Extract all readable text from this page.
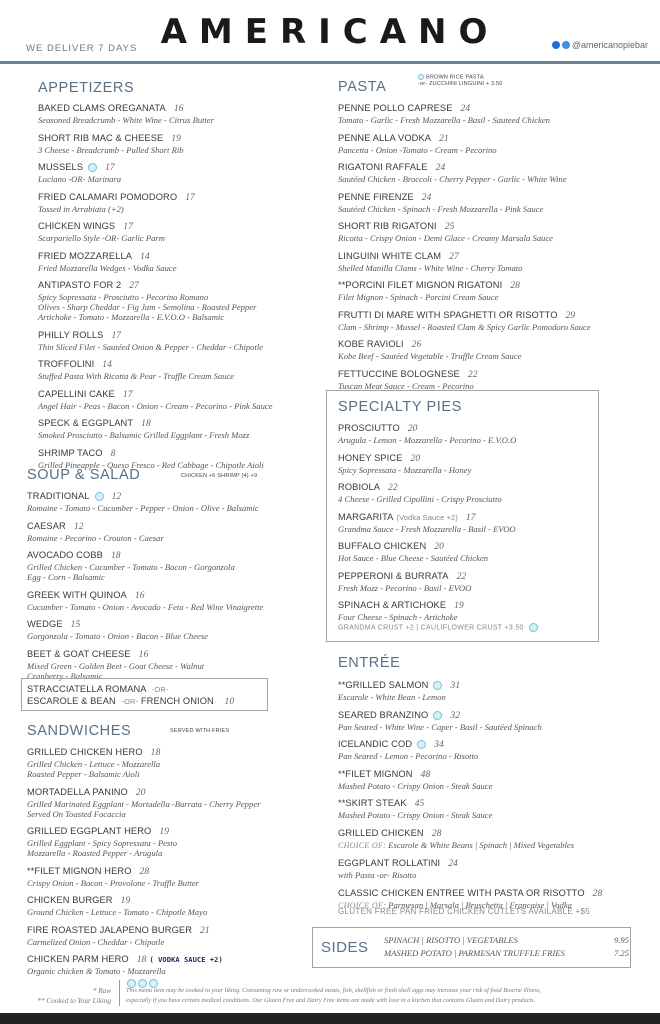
WE DELIVER 7 DAYS AMERICANO	@americanopiebar
APPETIZERS
BAKED CLAMS OREGANATA 16
Seasoned Breadcrumb - White Wine - Citrus Butter
SHORT RIB MAC & CHEESE 19
3 Cheese - Breadcrumb - Pulled Short Rib
MUSSELS 17
Luciano -OR- Marinara
FRIED CALAMARI POMODORO 17
Tossed in Arrabiata (+2)
CHICKEN WINGS 17
Scarpariello Style -OR- Garlic Parm
FRIED MOZZARELLA 14
Fried Mozzarella Wedges - Vodka Sauce
ANTIPASTO FOR 2 27
Spicy Sopressata - Prosciutto - Pecorino Romano
Olives - Sharp Cheddar - Fig Jam - Semolina - Roasted Pepper
Artichoke - Tomato - Mozzarella - E.V.O.O - Balsamic
PHILLY ROLLS 17
Thin Sliced Filet - Sautéed Onion & Pepper - Cheddar - Chipotle
TROFFOLINI 14
Stuffed Pasta With Ricotta & Pear - Truffle Cream Sauce
CAPELLINI CAKE 17
Angel Hair - Peas - Bacon - Onion - Cream - Pecorino - Pink Sauce
SPECK & EGGPLANT 18
Smoked Prosciutto - Balsamic Grilled Eggplant - Fresh Mozz
SHRIMP TACO 8
Grilled Pineapple - Queso Fresco - Red Cabbage - Chipotle Aioli
SOUP & SALAD	CHICKEN +6 SHRIMP (4) +9
TRADITIONAL 12
Romaine - Tomato - Cucumber - Pepper - Onion - Olive - Balsamic
CAESAR 12
Romaine - Pecorino - Crouton - Caesar
AVOCADO COBB 18
Grilled Chicken - Cucumber - Tomato - Bacon - Gorgonzola
Egg - Corn - Balsamic
GREEK WITH QUINOA 16
Cucumber - Tomato - Onion - Avocado - Feta - Red Wine Vinaigrette
WEDGE 15
Gorgonzola - Tomato - Onion - Bacon - Blue Cheese
BEET & GOAT CHEESE 16
Mixed Green - Golden Beet - Goat Cheese - Walnut
Cranberry - Balsamic
STRACCIATELLA ROMANA -OR-
ESCAROLE & BEAN -OR- FRENCH ONION 10
SANDWICHES	SERVED WITH FRIES
GRILLED CHICKEN HERO 18
Grilled Chicken - Lettuce - Mozzarella
Roasted Pepper - Balsamic Aioli
MORTADELLA PANINO 20
Grilled Marinated Eggplant - Mortadella -Burrata - Cherry Pepper
Served On Toasted Focaccia
GRILLED EGGPLANT HERO 19
Grilled Eggplant - Spicy Sopressata - Pesto
Mozzarella - Roasted Pepper - Arugula
**FILET MIGNON HERO 28
Crispy Onion - Bacon - Provolone - Truffle Butter
CHICKEN BURGER 19
Ground Chicken - Lettuce - Tomato - Chipotle Mayo
FIRE ROASTED JALAPENO BURGER 21
Carmelized Onion - Cheddar - Chipotle
CHICKEN PARM HERO 18 ( VODKA SAUCE +2)
Organic chicken & Tomato - Mozzarella
PASTA
BROWN RICE PASTA
-or- ZUCCHINI LINGUINI + 3.50
PENNE POLLO CAPRESE 24
Tomato - Garlic - Fresh Mozzarella - Basil - Sauteed Chicken
PENNE ALLA VODKA 21
Pancetta - Onion -Tomato - Cream - Pecorino
RIGATONI RAFFALE 24
Sautéed Chicken - Broccoli - Cherry Pepper - Garlic - White Wine
PENNE FIRENZE 24
Sautéed Chicken - Spinach - Fresh Mozzarella - Pink Sauce
SHORT RIB RIGATONI 25
Ricotta - Crispy Onion - Demi Glace - Creamy Marsala Sauce
LINGUINI WHITE CLAM 27
Shelled Manilla Clams - White Wine - Cherry Tomato
**PORCINI FILET MIGNON RIGATONI 28
Filet Mignon - Spinach - Porcini Cream Sauce
FRUTTI DI MARE WITH SPAGHETTI OR RISOTTO 29
Clam - Shrimp - Mussel - Roasted Clam & Spicy Garlic Pomodoro Sauce
KOBE RAVIOLI 26
Kobe Beef - Sautéed Vegetable - Truffle Cream Sauce
FETTUCCINE BOLOGNESE 22
Tuscan Meat Sauce - Cream - Pecorino
SPECIALTY PIES
PROSCIUTTO 20
Arugula - Lemon - Mozzarella - Pecorino - E.V.O.O
HONEY SPICE 20
Spicy Sopressata - Mozzarella - Honey
ROBIOLA 22
4 Cheese - Grilled Cipollini - Crispy Prosciutto
MARGARITA (Vodka Sauce +2) 17
Grandma Sauce - Fresh Mozzarella - Basil - EVOO
BUFFALO CHICKEN 20
Hot Sauce - Blue Cheese - Sautéed Chicken
PEPPERONI & BURRATA 22
Fresh Mozz - Pecorino - Basil - EVOO
SPINACH & ARTICHOKE 19
Four Cheese - Spinach - Artichoke
GRANDMA CRUST +2 | CAULIFLOWER CRUST +3.50
ENTRÉE
**GRILLED SALMON 31
Escarole - White Bean - Lemon
SEARED BRANZINO 32
Pan Seared - White Wine - Caper - Basil - Sautéed Spinach
ICELANDIC COD 34
Pan Seared - Lemon - Pecorino - Risotto
**FILET MIGNON 48
Mashed Potato - Crispy Onion - Steak Sauce
**SKIRT STEAK 45
Mashed Potato - Crispy Onion - Steak Sauce
GRILLED CHICKEN 28
CHOICE OF: Escarole & White Beans | Spinach | Mixed Vegetables
EGGPLANT ROLLATINI 24
with Pasta -or- Risotto
CLASSIC CHICKEN ENTREE WITH PASTA OR RISOTTO 28
CHOICE OF: Parmesan | Marsala | Bruschetta | Francaise | Vodka
GLUTEN FREE PAN FRIED CHICKEN CUTLETS AVAILABLE +$5
SIDES SPINACH | RISOTTO | VEGETABLES	9.95
MASHED POTATO | PARMESAN TRUFFLE FRIES	7.25
* Raw
** Cooked to Your Liking
This menu item may be cooked to your liking. Consuming raw or undercooked meats, fish, shellfish or fresh shell eggs may increase your risk of food Bourne illness,
especially if you have certain medical conditions. Our Gluten Free and Dairy Free items are made with love in a kitchen that contains Gluten and Dairy products.
